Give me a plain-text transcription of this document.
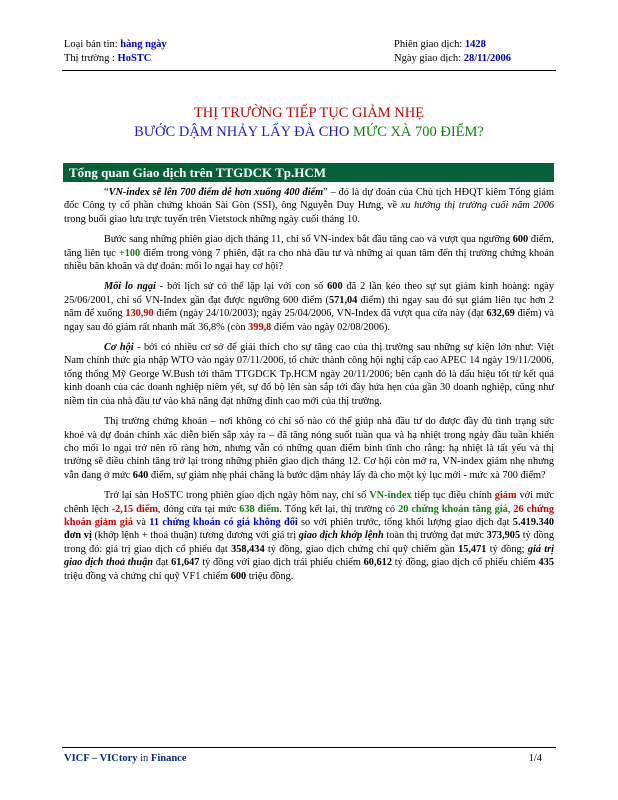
Loại bản tin: hàng ngày	Phiên giao dịch: 1428
Thị trường : HoSTC	Ngày giao dịch: 28/11/2006
THỊ TRƯỜNG TIẾP TỤC GIẢM NHẸ
BƯỚC DẬM NHẢY LẤY ĐÀ CHO MỨC XÀ 700 ĐIỂM?
Tổng quan Giao dịch trên TTGDCK Tp.HCM

“VN-index sẽ lên 700 điểm dễ hơn xuống 400 điểm” – đó là dự đoán của Chủ tịch HĐQT kiêm Tổng giám đốc Công ty cổ phần chứng khoán Sài Gòn (SSI), ông Nguyễn Duy Hưng, về xu hướng thị trường cuối năm 2006 trong buổi giao lưu trực tuyến trên Vietstock những ngày cuối tháng 10.

Bước sang những phiên giao dịch tháng 11, chỉ số VN-index bắt đầu tăng cao và vượt qua ngưỡng 600 điểm, tăng liên tục +100 điểm trong vòng 7 phiên, đặt ra cho nhà đầu tư và những ai quan tâm đến thị trường chứng khoán nhiều băn khoăn và dự đoán: mối lo ngại hay cơ hội?

Mối lo ngại - bởi lịch sử có thể lặp lại với con số 600 đã 2 lần kéo theo sự sụt giảm kinh hoàng: ngày 25/06/2001, chỉ số VN-Index gần đạt được ngưỡng 600 điểm (571,04 điểm) thì ngay sau đó sụt giảm liên tục hơn 2 năm để xuống 130,90 điểm (ngày 24/10/2003); ngày 25/04/2006, VN-Index đã vượt qua cửa này (đạt 632,69 điểm) và ngay sau đó giảm rất nhanh mất 36,8% (còn 399,8 điểm vào ngày 02/08/2006).

Cơ hội - bởi có nhiều cơ sở để giải thích cho sự tăng cao của thị trường sau những sự kiện lớn như: Việt Nam chính thức gia nhập WTO vào ngày 07/11/2006, tổ chức thành công hội nghị cấp cao APEC 14 ngày 19/11/2006, tổng thống Mỹ George W.Bush tới thăm TTGDCK Tp.HCM ngày 20/11/2006; bên cạnh đó là dấu hiệu tốt từ kết quả kinh doanh của các doanh nghiệp niêm yết, sự đổ bộ lên sàn sắp tới đầy hứa hẹn của gần 30 doanh nghiệp, cũng như niềm tin của nhà đầu tư vào khả năng đạt những đỉnh cao mới của thị trường.

Thị trường chứng khoán – nơi không có chỉ số nào có thể giúp nhà đầu tư do được đầy đủ tình trạng sức khoẻ và dự đoán chính xác diễn biến sắp xảy ra – đã tăng nóng suốt tuần qua và hạ nhiệt trong ngày đầu tuần khiến cho mối lo ngại trở nên rõ ràng hơn, nhưng vẫn có những quan điểm bình tĩnh cho rằng: hạ nhiệt là tất yếu và thị trường sẽ điều chỉnh tăng trở lại trong những phiên giao dịch tháng 12. Cơ hội còn mở ra, VN-index giảm nhẹ nhưng vẫn đang ở mức 640 điểm, sự giảm nhẹ phải chăng là bước dậm nhảy lấy đà cho một kỷ lục mới - mức xà 700 điểm?

Trở lại sàn HoSTC trong phiên giao dịch ngày hôm nay, chỉ số VN-index tiếp tục điều chỉnh giảm với mức chênh lệch -2,15 điểm, đóng cửa tại mức 638 điểm. Tổng kết lại, thị trường có 20 chứng khoán tăng giá, 26 chứng khoán giảm giá và 11 chứng khoán có giá không đổi so với phiên trước, tổng khối lượng giao dịch đạt 5.419.340 đơn vị (khớp lệnh + thoả thuận) tương đương với giá trị giao dịch khớp lệnh toàn thị trường đạt mức 373,905 tỷ đồng trong đó: giá trị giao dịch cổ phiếu đạt 358,434 tỷ đồng, giao dịch chứng chỉ quỹ chiếm gần 15,471 tỷ đồng; giá trị giao dịch thoả thuận đạt 61,647 tỷ đồng với giao dịch trái phiếu chiếm 60,612 tỷ đồng, giao dịch cổ phiếu chiếm 435 triệu đồng và chứng chỉ quỹ VF1 chiếm 600 triệu đồng.

VICF – VICtory in Finance	1/4
